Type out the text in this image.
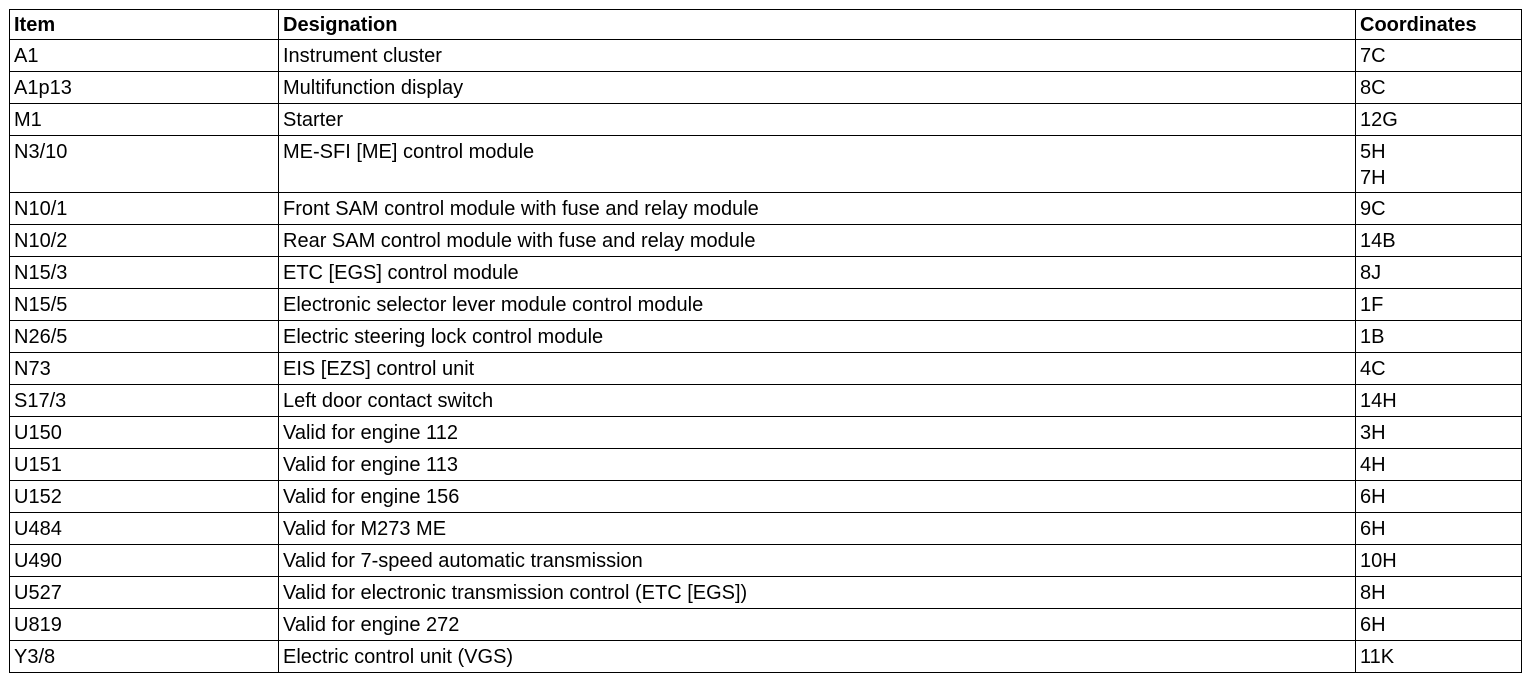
Item	Designation	Coordinates
A1	Instrument cluster	7C

A1p13	Multifunction display	8C

M1	Starter	12G

N3/10	ME-SFI [ME] control module	5H
7H

N10/1	Front SAM control module with fuse and relay module	9C

N10/2	Rear SAM control module with fuse and relay module	14B

N15/3	ETC [EGS] control module	8J

N15/5	Electronic selector lever module control module	1F

N26/5	Electric steering lock control module	1B

N73	EIS [EZS] control unit	4C

S17/3	Left door contact switch	14H

U150	Valid for engine 112	3H

U151	Valid for engine 113	4H

U152	Valid for engine 156	6H

U484	Valid for M273 ME	6H

U490	Valid for 7-speed automatic transmission	10H

U527	Valid for electronic transmission control (ETC [EGS])	8H

U819	Valid for engine 272	6H

Y3/8	Electric control unit (VGS)	11K
